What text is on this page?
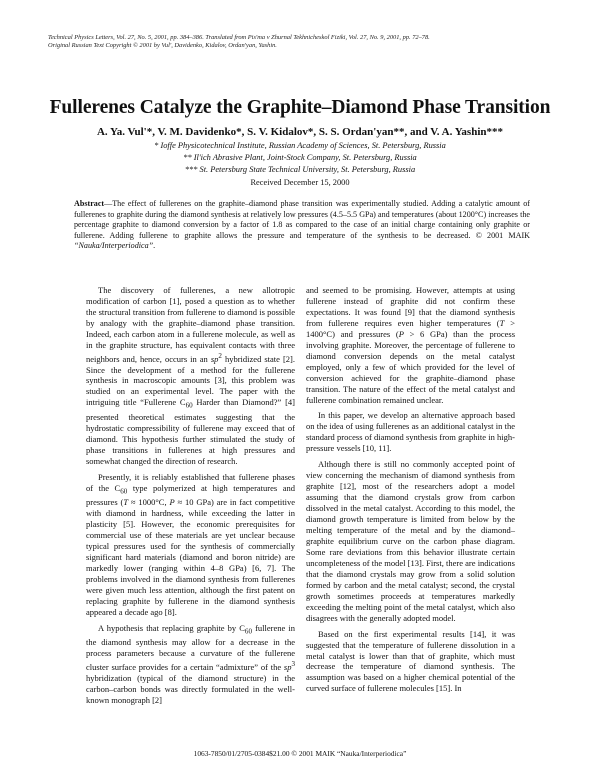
Technical Physics Letters, Vol. 27, No. 5, 2001, pp. 384–386. Translated from Pis'ma v Zhurnal Tekhnicheskoĭ Fiziki, Vol. 27, No. 9, 2001, pp. 72–78.
Original Russian Text Copyright © 2001 by Vul', Davidenko, Kidalov, Ordan'yan, Yashin.
Fullerenes Catalyze the Graphite–Diamond Phase Transition

A. Ya. Vul'*, V. M. Davidenko*, S. V. Kidalov*, S. S. Ordan'yan**, and V. A. Yashin***

* Ioffe Physicotechnical Institute, Russian Academy of Sciences, St. Petersburg, Russia

** Il'ich Abrasive Plant, Joint-Stock Company, St. Petersburg, Russia

*** St. Petersburg State Technical University, St. Petersburg, Russia

Received December 15, 2000

Abstract—The effect of fullerenes on the graphite–diamond phase transition was experimentally studied. Adding a catalytic amount of fullerenes to graphite during the diamond synthesis at relatively low pressures (4.5–5.5 GPa) and temperatures (about 1200°C) increases the percentage graphite to diamond conversion by a factor of 1.8 as compared to the case of an initial charge containing only graphite or fullerene. Adding fullerene to graphite allows the pressure and temperature of the synthesis to be decreased. © 2001 MAIK “Nauka/Interperiodica”.

The discovery of fullerenes, a new allotropic modification of carbon [1], posed a question as to whether the structural transition from fullerene to diamond is possible by analogy with the graphite–diamond phase transition. Indeed, each carbon atom in a fullerene molecule, as well as in the graphite structure, has equivalent contacts with three neighbors and, hence, occurs in an $sp^2$ hybridized state [2]. Since the development of a method for the fullerene synthesis in macroscopic amounts [3], this problem was studied on an experimental level. The paper with the intriguing title “Fullerene $C_{60}$ Harder than Diamond?” [4] presented theoretical estimates suggesting that the hydrostatic compressibility of fullerene may exceed that of diamond. This hypothesis further stimulated the study of phase transitions in fullerenes at high pressures and somewhat changed the direction of research.

Presently, it is reliably established that fullerene phases of the $C_{60}$ type polymerized at high temperatures and pressures (T ≈ 1000°C, P ≈ 10 GPa) are in fact competitive with diamond in hardness, while exceeding the latter in plasticity [5]. However, the economic prerequisites for commercial use of these materials are yet unclear because typical pressures used for the synthesis of commercially significant hard materials (diamond and boron nitride) are markedly lower (ranging within 4–8 GPa) [6, 7]. The problems involved in the diamond synthesis from fullerenes were given much less attention, although the first patent on replacing graphite by fullerene in the diamond synthesis appeared a decade ago [8].

A hypothesis that replacing graphite by $C_{60}$ fullerene in the diamond synthesis may allow for a decrease in the process parameters because a curvature of the fullerene cluster surface provides for a certain “admixture” of the $sp^3$ hybridization (typical of the diamond structure) in the carbon–carbon bonds was directly formulated in the well-known monograph [2]

and seemed to be promising. However, attempts at using fullerene instead of graphite did not confirm these expectations. It was found [9] that the diamond synthesis from fullerene requires even higher temperatures (T > 1400°C) and pressures (P > 6 GPa) than the process involving graphite. Moreover, the percentage of fullerene to diamond conversion depends on the metal catalyst employed, only a few of which provided for the level of conversion achieved for the graphite–diamond phase transition. The nature of the effect of the metal catalyst and fullerene combination remained unclear.

In this paper, we develop an alternative approach based on the idea of using fullerenes as an additional catalyst in the standard process of diamond synthesis from graphite in high-pressure vessels [10, 11].

Although there is still no commonly accepted point of view concerning the mechanism of diamond synthesis from graphite [12], most of the researchers adopt a model assuming that the diamond crystals grow from carbon dissolved in the metal catalyst. According to this model, the diamond growth temperature is limited from below by the melting temperature of the metal and by the diamond–graphite equilibrium curve on the carbon phase diagram. Some rare deviations from this behavior illustrate certain uncompleteness of the model [13]. First, there are indications that the diamond crystals may grow from a solid solution formed by carbon and the metal catalyst; second, the crystal growth sometimes proceeds at temperatures markedly exceeding the melting point of the metal catalyst, which also disagrees with the generally adopted model.

Based on the first experimental results [14], it was suggested that the temperature of fullerene dissolution in a metal catalyst is lower than that of graphite, which must decrease the temperature of diamond synthesis. The assumption was based on a higher chemical potential of the curved surface of fullerene molecules [15]. In

1063-7850/01/2705-0384$21.00 © 2001 MAIK “Nauka/Interperiodica”
